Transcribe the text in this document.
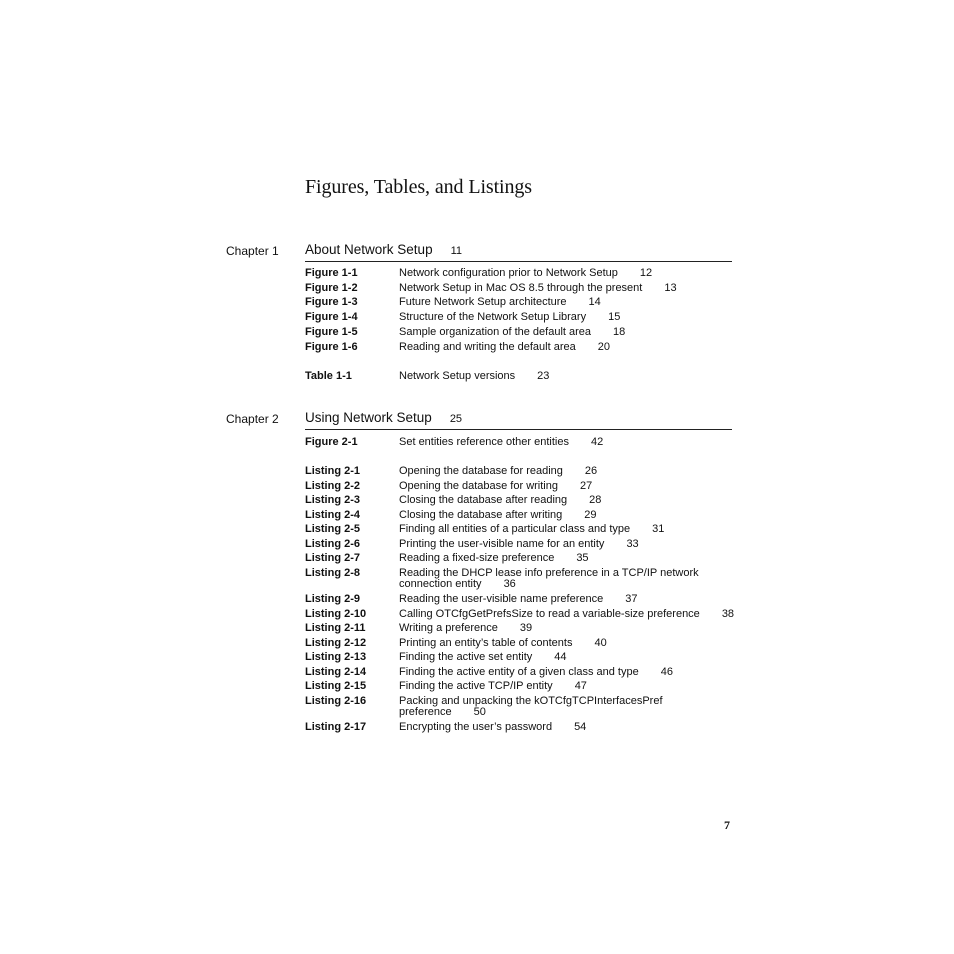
Figures, Tables, and Listings
Chapter 1 About Network Setup 11
Figure 1-1	Network configuration prior to Network Setup 12
Figure 1-2	Network Setup in Mac OS 8.5 through the present 13
Figure 1-3	Future Network Setup architecture 14
Figure 1-4	Structure of the Network Setup Library 15
Figure 1-5	Sample organization of the default area 18
Figure 1-6	Reading and writing the default area 20
Table 1-1	Network Setup versions 23
Chapter 2 Using Network Setup 25
Figure 2-1	Set entities reference other entities 42
Listing 2-1	Opening the database for reading 26
Listing 2-2	Opening the database for writing 27
Listing 2-3	Closing the database after reading 28
Listing 2-4	Closing the database after writing 29
Listing 2-5	Finding all entities of a particular class and type 31
Listing 2-6	Printing the user-visible name for an entity 33
Listing 2-7	Reading a fixed-size preference 35
Listing 2-8	Reading the DHCP lease info preference in a TCP/IP network
connection entity 36
Listing 2-9	Reading the user-visible name preference 37
Listing 2-10	Calling OTCfgGetPrefsSize to read a variable-size preference 38
Listing 2-11	Writing a preference 39
Listing 2-12	Printing an entity’s table of contents 40
Listing 2-13	Finding the active set entity 44
Listing 2-14	Finding the active entity of a given class and type 46
Listing 2-15	Finding the active TCP/IP entity 47
Listing 2-16	Packing and unpacking the kOTCfgTCPInterfacesPref
preference 50
Listing 2-17	Encrypting the user’s password 54
7
